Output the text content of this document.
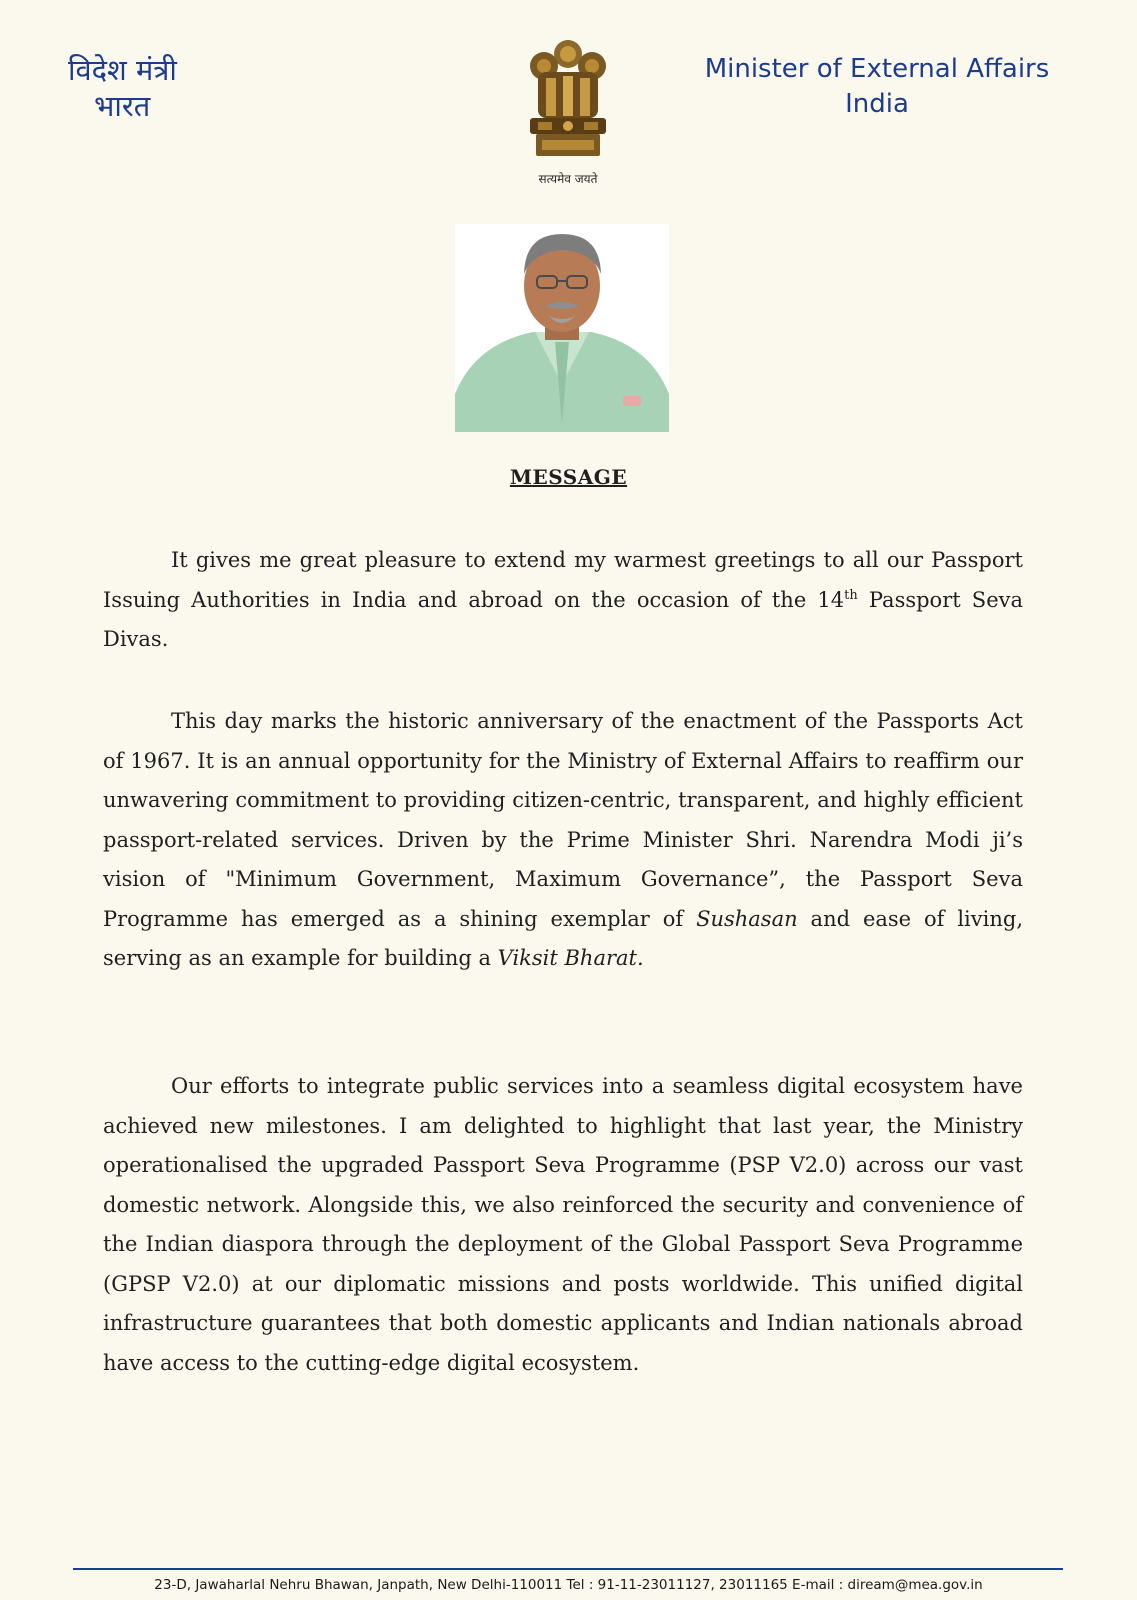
विदेश मंत्री
भारत
सत्यमेव जयते
Minister of External Affairs
India
MESSAGE

It gives me great pleasure to extend my warmest greetings to all our Passport Issuing Authorities in India and abroad on the occasion of the 14th Passport Seva Divas.

This day marks the historic anniversary of the enactment of the Passports Act of 1967. It is an annual opportunity for the Ministry of External Affairs to reaffirm our unwavering commitment to providing citizen-centric, transparent, and highly efficient passport-related services. Driven by the Prime Minister Shri. Narendra Modi ji’s vision of "Minimum Government, Maximum Governance”, the Passport Seva Programme has emerged as a shining exemplar of Sushasan and ease of living, serving as an example for building a Viksit Bharat.

Our efforts to integrate public services into a seamless digital ecosystem have achieved new milestones. I am delighted to highlight that last year, the Ministry operationalised the upgraded Passport Seva Programme (PSP V2.0) across our vast domestic network. Alongside this, we also reinforced the security and convenience of the Indian diaspora through the deployment of the Global Passport Seva Programme (GPSP V2.0) at our diplomatic missions and posts worldwide. This unified digital infrastructure guarantees that both domestic applicants and Indian nationals abroad have access to the cutting-edge digital ecosystem.

23-D, Jawaharlal Nehru Bhawan, Janpath, New Delhi-110011 Tel : 91-11-23011127, 23011165 E-mail : diream@mea.gov.in
